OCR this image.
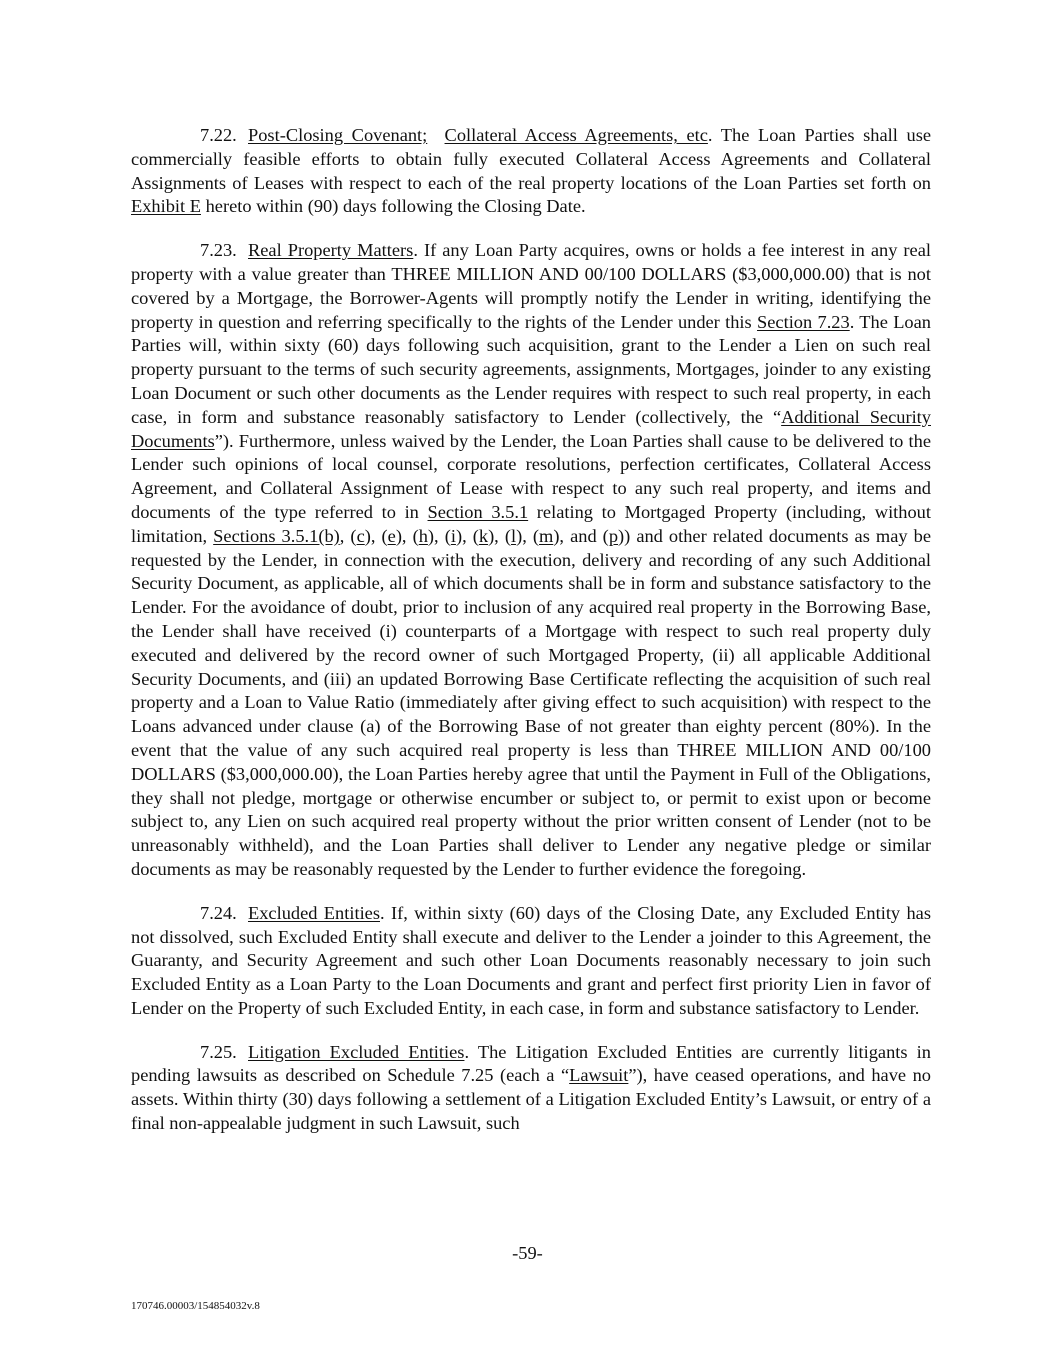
7.22. Post-Closing Covenant; Collateral Access Agreements, etc. The Loan Parties shall use commercially feasible efforts to obtain fully executed Collateral Access Agreements and Collateral Assignments of Leases with respect to each of the real property locations of the Loan Parties set forth on Exhibit E hereto within (90) days following the Closing Date.

7.23. Real Property Matters. If any Loan Party acquires, owns or holds a fee interest in any real property with a value greater than THREE MILLION AND 00/100 DOLLARS ($3,000,000.00) that is not covered by a Mortgage, the Borrower-Agents will promptly notify the Lender in writing, identifying the property in question and referring specifically to the rights of the Lender under this Section 7.23. The Loan Parties will, within sixty (60) days following such acquisition, grant to the Lender a Lien on such real property pursuant to the terms of such security agreements, assignments, Mortgages, joinder to any existing Loan Document or such other documents as the Lender requires with respect to such real property, in each case, in form and substance reasonably satisfactory to Lender (collectively, the “Additional Security Documents”). Furthermore, unless waived by the Lender, the Loan Parties shall cause to be delivered to the Lender such opinions of local counsel, corporate resolutions, perfection certificates, Collateral Access Agreement, and Collateral Assignment of Lease with respect to any such real property, and items and documents of the type referred to in Section 3.5.1 relating to Mortgaged Property (including, without limitation, Sections 3.5.1(b), (c), (e), (h), (i), (k), (l), (m), and (p)) and other related documents as may be requested by the Lender, in connection with the execution, delivery and recording of any such Additional Security Document, as applicable, all of which documents shall be in form and substance satisfactory to the Lender. For the avoidance of doubt, prior to inclusion of any acquired real property in the Borrowing Base, the Lender shall have received (i) counterparts of a Mortgage with respect to such real property duly executed and delivered by the record owner of such Mortgaged Property, (ii) all applicable Additional Security Documents, and (iii) an updated Borrowing Base Certificate reflecting the acquisition of such real property and a Loan to Value Ratio (immediately after giving effect to such acquisition) with respect to the Loans advanced under clause (a) of the Borrowing Base of not greater than eighty percent (80%). In the event that the value of any such acquired real property is less than THREE MILLION AND 00/100 DOLLARS ($3,000,000.00), the Loan Parties hereby agree that until the Payment in Full of the Obligations, they shall not pledge, mortgage or otherwise encumber or subject to, or permit to exist upon or become subject to, any Lien on such acquired real property without the prior written consent of Lender (not to be unreasonably withheld), and the Loan Parties shall deliver to Lender any negative pledge or similar documents as may be reasonably requested by the Lender to further evidence the foregoing.

7.24. Excluded Entities. If, within sixty (60) days of the Closing Date, any Excluded Entity has not dissolved, such Excluded Entity shall execute and deliver to the Lender a joinder to this Agreement, the Guaranty, and Security Agreement and such other Loan Documents reasonably necessary to join such Excluded Entity as a Loan Party to the Loan Documents and grant and perfect first priority Lien in favor of Lender on the Property of such Excluded Entity, in each case, in form and substance satisfactory to Lender.

7.25. Litigation Excluded Entities. The Litigation Excluded Entities are currently litigants in pending lawsuits as described on Schedule 7.25 (each a “Lawsuit”), have ceased operations, and have no assets. Within thirty (30) days following a settlement of a Litigation Excluded Entity’s Lawsuit, or entry of a final non-appealable judgment in such Lawsuit, such

-59-
170746.00003/154854032v.8
